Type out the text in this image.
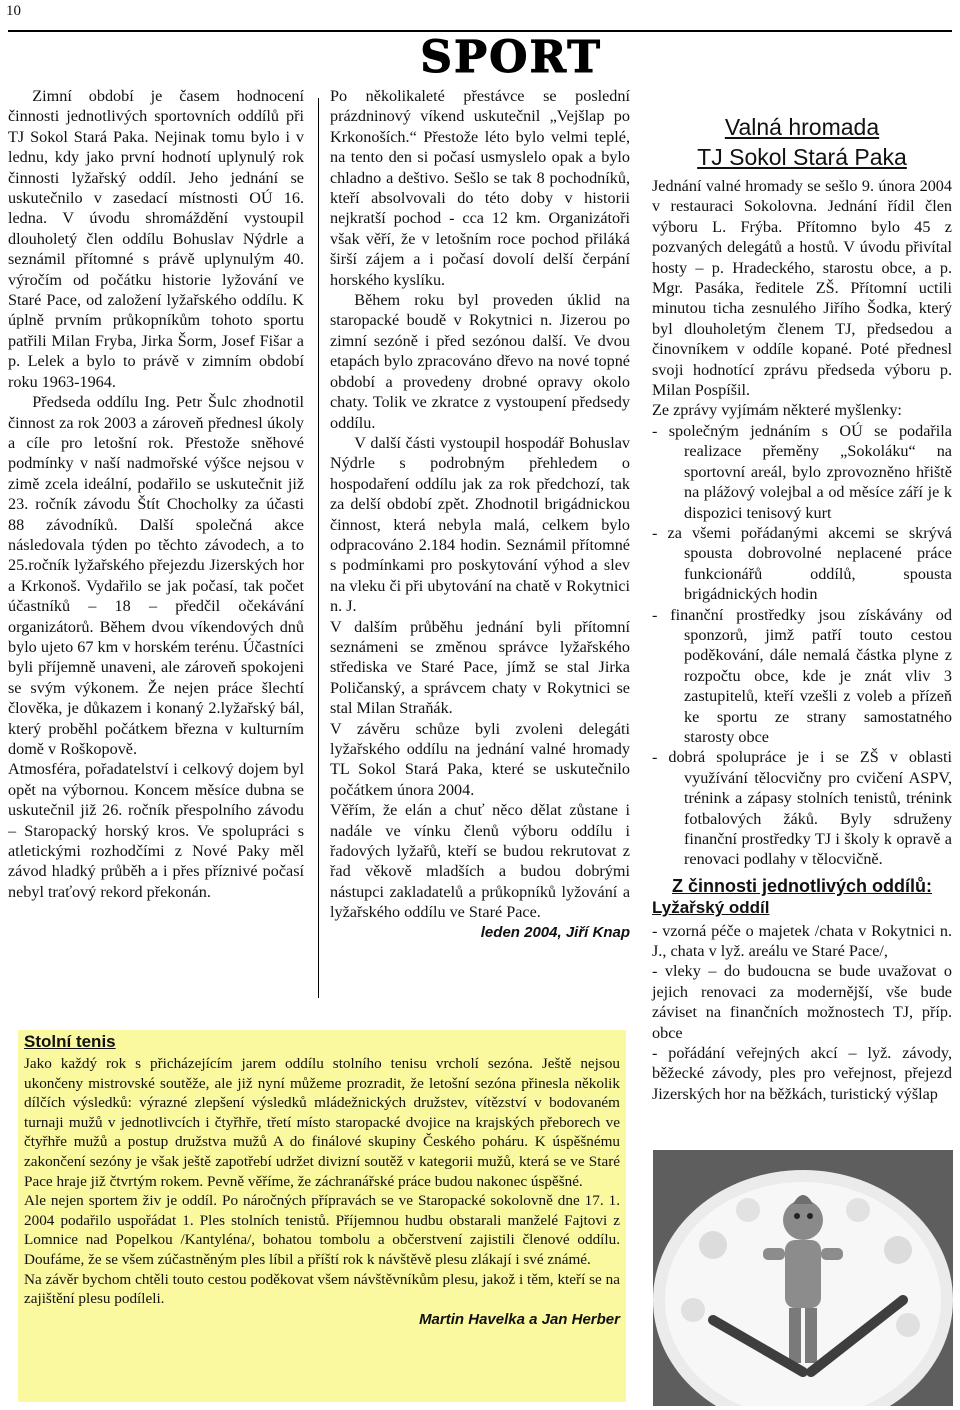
10
SPORT

Zimní období je časem hodnocení činnosti jednotlivých sportovních oddílů při TJ Sokol Stará Paka. Nejinak tomu bylo i v lednu, kdy jako první hodnotí uplynulý rok činnosti lyžařský oddíl. Jeho jednání se uskutečnilo v zasedací místnosti OÚ 16. ledna. V úvodu shromáždění vystoupil dlouholetý člen oddílu Bohuslav Nýdrle a seznámil přítomné s právě uplynulým 40. výročím od počátku historie lyžování ve Staré Pace, od založení lyžařského oddílu. K úplně prvním průkopníkům tohoto sportu patřili Milan Fryba, Jirka Šorm, Josef Fišar a p. Lelek a bylo to právě v zimním období roku 1963-1964.

Předseda oddílu Ing. Petr Šulc zhodnotil činnost za rok 2003 a zároveň přednesl úkoly a cíle pro letošní rok. Přestože sněhové podmínky v naší nadmořské výšce nejsou v zimě zcela ideální, podařilo se uskutečnit již 23. ročník závodu Štít Chocholky za účasti 88 závodníků. Další společná akce následovala týden po těchto závodech, a to 25.ročník lyžařského přejezdu Jizerských hor a Krkonoš. Vydařilo se jak počasí, tak počet účastníků – 18 – předčil očekávání organizátorů. Během dvou víkendových dnů bylo ujeto 67 km v horském terénu. Účastníci byli příjemně unaveni, ale zároveň spokojeni se svým výkonem. Že nejen práce šlechtí člověka, je důkazem i konaný 2.lyžařský bál, který proběhl počátkem března v kulturním domě v Roškopově.

Atmosféra, pořadatelství i celkový dojem byl opět na výbornou. Koncem měsíce dubna se uskutečnil již 26. ročník přespolního závodu – Staropacký horský kros. Ve spolupráci s atletickými rozhodčími z Nové Paky měl závod hladký průběh a i přes příznivé počasí nebyl traťový rekord překonán.

Po několikaleté přestávce se poslední prázdninový víkend uskutečnil „Vejšlap po Krkonoších.“ Přestože léto bylo velmi teplé, na tento den si počasí usmyslelo opak a bylo chladno a deštivo. Sešlo se tak 8 pochodníků, kteří absolvovali do této doby v historii nejkratší pochod - cca 12 km. Organizátoři však věří, že v letošním roce pochod přiláká širší zájem a i počasí dovolí delší čerpání horského kyslíku.

Během roku byl proveden úklid na staropacké boudě v Rokytnici n. Jizerou po zimní sezóně i před sezónou další. Ve dvou etapách bylo zpracováno dřevo na nové topné období a provedeny drobné opravy okolo chaty. Tolik ve zkratce z vystoupení předsedy oddílu.

V další části vystoupil hospodář Bohuslav Nýdrle s podrobným přehledem o hospodaření oddílu jak za rok předchozí, tak za delší období zpět. Zhodnotil brigádnickou činnost, která nebyla malá, celkem bylo odpracováno 2.184 hodin. Seznámil přítomné s podmínkami pro poskytování výhod a slev na vleku či při ubytování na chatě v Rokytnici n. J.

V dalším průběhu jednání byli přítomní seznámeni se změnou správce lyžařského střediska ve Staré Pace, jímž se stal Jirka Poličanský, a správcem chaty v Rokytnici se stal Milan Straňák.

V závěru schůze byli zvoleni delegáti lyžařského oddílu na jednání valné hromady TL Sokol Stará Paka, které se uskutečnilo počátkem února 2004.

Věřím, že elán a chuť něco dělat zůstane i nadále ve vínku členů výboru oddílu i řadových lyžařů, kteří se budou rekrutovat z řad věkově mladších a budou dobrými nástupci zakladatelů a průkopníků lyžování a lyžařského oddílu ve Staré Pace.

leden 2004, Jiří Knap
Valná hromada
TJ Sokol Stará Paka

Jednání valné hromady se sešlo 9. února 2004 v restauraci Sokolovna. Jednání řídil člen výboru L. Frýba. Přítomno bylo 45 z pozvaných delegátů a hostů. V úvodu přivítal hosty – p. Hradeckého, starostu obce, a p. Mgr. Pasáka, ředitele ZŠ. Přítomní uctili minutou ticha zesnulého Jiřího Šodka, který byl dlouholetým členem TJ, předsedou a činovníkem v oddíle kopané. Poté přednesl svoji hodnotící zprávu předseda výboru p. Milan Pospíšil.

Ze zprávy vyjímám některé myšlenky:

- společným jednáním s OÚ se podařila realizace přeměny „Sokoláku“ na sportovní areál, bylo zprovozněno hřiště na plážový volejbal a od měsíce září je k dispozici tenisový kurt

- za všemi pořádanými akcemi se skrývá spousta dobrovolné neplacené práce funkcionářů oddílů, spousta brigádnických hodin

- finanční prostředky jsou získávány od sponzorů, jimž patří touto cestou poděkování, dále nemalá částka plyne z rozpočtu obce, kde je znát vliv 3 zastupitelů, kteří vzešli z voleb a přízeň ke sportu ze strany samostatného starosty obce

- dobrá spolupráce je i se ZŠ v oblasti využívání tělocvičny pro cvičení ASPV, trénink a zápasy stolních tenistů, trénink fotbalových žáků. Byly sdruženy finanční prostředky TJ i školy k opravě a renovaci podlahy v tělocvičně.

Z činnosti jednotlivých oddílů:
Lyžařský oddíl

- vzorná péče o majetek /chata v Rokytnici n. J., chata v lyž. areálu ve Staré Pace/,

- vleky – do budoucna se bude uvažovat o jejich renovaci za modernější, vše bude záviset na finančních možnostech TJ, příp. obce

- pořádání veřejných akcí – lyž. závody, běžecké závody, ples pro veřejnost, přejezd Jizerských hor na běžkách, turistický výšlap

Stolní tenis

Jako každý rok s přicházejícím jarem oddílu stolního tenisu vrcholí sezóna. Ještě nejsou ukončeny mistrovské soutěže, ale již nyní můžeme prozradit, že letošní sezóna přinesla několik dílčích výsledků: výrazné zlepšení výsledků mládežnických družstev, vítězství v bodovaném turnaji mužů v jednotlivcích i čtyřhře, třetí místo staropacké dvojice na krajských přeborech ve čtyřhře mužů a postup družstva mužů A do finálové skupiny Českého poháru. K úspěšnému zakončení sezóny je však ještě zapotřebí udržet divizní soutěž v kategorii mužů, která se ve Staré Pace hraje již čtvrtým rokem. Pevně věříme, že záchranářské práce budou nakonec úspěšné.

Ale nejen sportem živ je oddíl. Po náročných přípravách se ve Staropacké sokolovně dne 17. 1. 2004 podařilo uspořádat 1. Ples stolních tenistů. Příjemnou hudbu obstarali manželé Fajtovi z Lomnice nad Popelkou /Kantyléna/, bohatou tombolu a občerstvení zajistili členové oddílu. Doufáme, že se všem zúčastněným ples líbil a příští rok k návštěvě plesu zlákají i své známé.

Na závěr bychom chtěli touto cestou poděkovat všem návštěvníkům plesu, jakož i těm, kteří se na zajištění plesu podíleli.

Martin Havelka a Jan Herber
